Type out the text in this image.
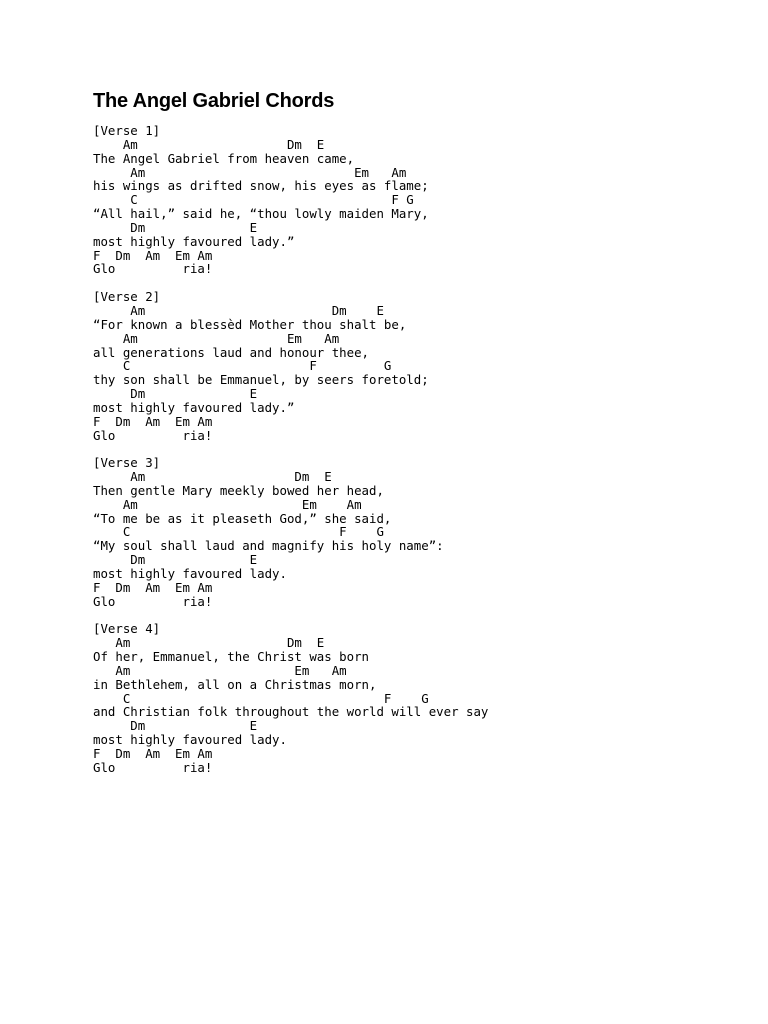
The Angel Gabriel Chords
[Verse 1]
Am                    Dm  E
The Angel Gabriel from heaven came,
Am                            Em   Am
his wings as drifted snow, his eyes as flame;
C                                  F G
“All hail,” said he, “thou lowly maiden Mary,
Dm              E
most highly favoured lady.”
F  Dm  Am  Em Am
Glo         ria!
[Verse 2]
Am                         Dm    E
“For known a blessèd Mother thou shalt be,
Am                    Em   Am
all generations laud and honour thee,
C                        F         G
thy son shall be Emmanuel, by seers foretold;
Dm              E
most highly favoured lady.”
F  Dm  Am  Em Am
Glo         ria!
[Verse 3]
Am                    Dm  E
Then gentle Mary meekly bowed her head,
Am                      Em    Am
“To me be as it pleaseth God,” she said,
C                            F    G
“My soul shall laud and magnify his holy name”:
Dm              E
most highly favoured lady.
F  Dm  Am  Em Am
Glo         ria!
[Verse 4]
Am                     Dm  E
Of her, Emmanuel, the Christ was born
Am                      Em   Am
in Bethlehem, all on a Christmas morn,
C                                  F    G
and Christian folk throughout the world will ever say
Dm              E
most highly favoured lady.
F  Dm  Am  Em Am
Glo         ria!
